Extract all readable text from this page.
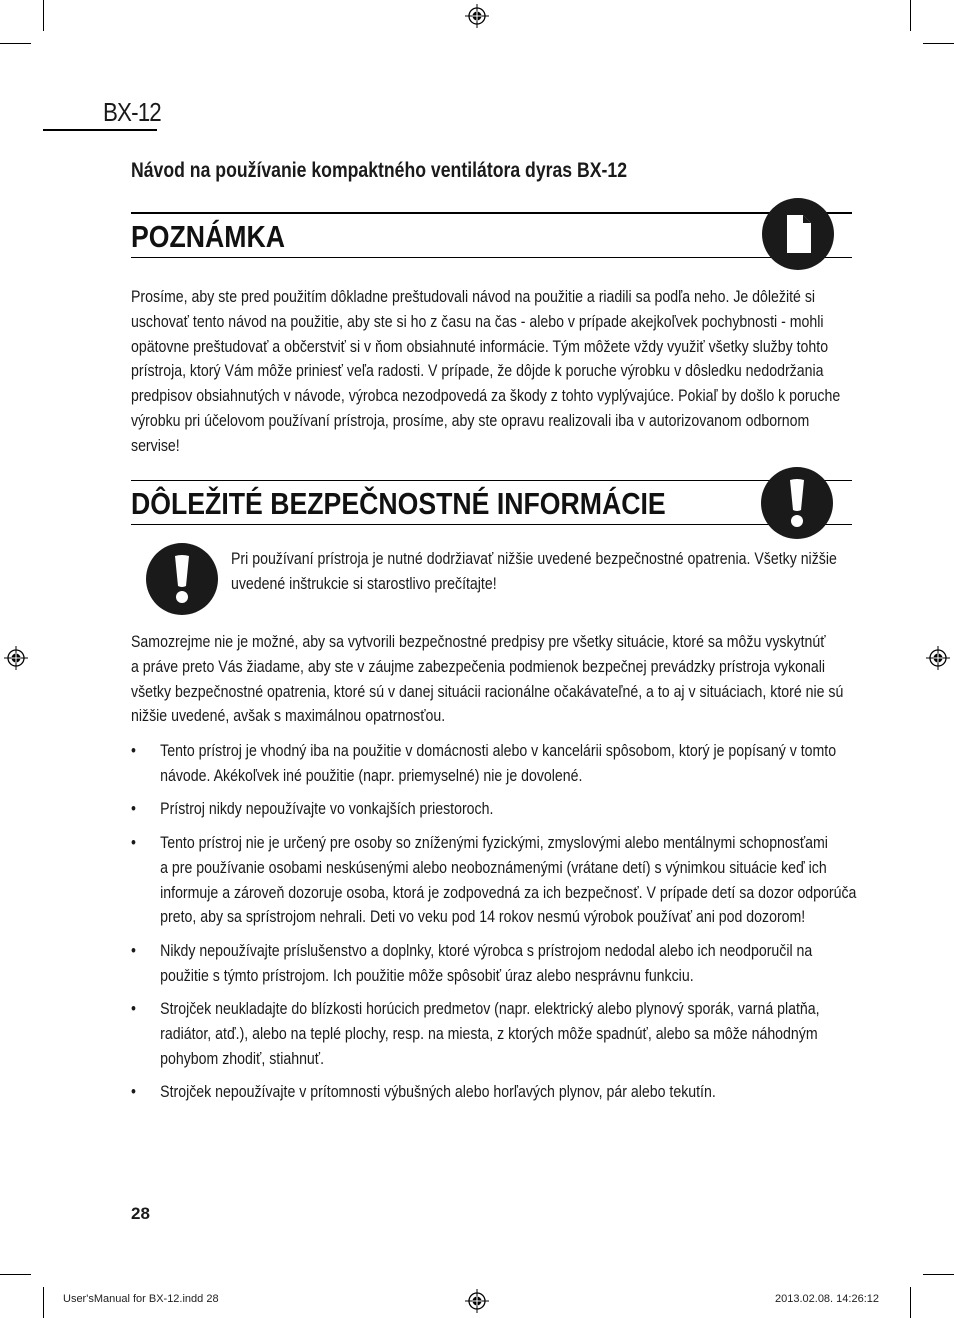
BX-12
Návod na používanie kompaktného ventilátora dyras BX-12
POZNÁMKA
Prosíme, aby ste pred použitím dôkladne preštudovali návod na použitie a riadili sa podľa neho. Je dôležité si
uschovať tento návod na použitie, aby ste si ho z času na čas - alebo v prípade akejkoľvek pochybnosti - mohli
opätovne preštudovať a občerstviť si v ňom obsiahnuté informácie. Tým môžete vždy využiť všetky služby tohto
prístroja, ktorý Vám môže priniesť veľa radosti. V prípade, že dôjde k poruche výrobku v dôsledku nedodržania
predpisov obsiahnutých v návode, výrobca nezodpovedá za škody z tohto vyplývajúce. Pokiaľ by došlo k poruche
výrobku pri účelovom používaní prístroja, prosíme, aby ste opravu realizovali iba v autorizovanom odbornom
servise!
DÔLEŽITÉ BEZPEČNOSTNÉ INFORMÁCIE
Pri používaní prístroja je nutné dodržiavať nižšie uvedené bezpečnostné opatrenia. Všetky nižšie
uvedené inštrukcie si starostlivo prečítajte!
Samozrejme nie je možné, aby sa vytvorili bezpečnostné predpisy pre všetky situácie, ktoré sa môžu vyskytnúť
a práve preto Vás žiadame, aby ste v záujme zabezpečenia podmienok bezpečnej prevádzky prístroja vykonali
všetky bezpečnostné opatrenia, ktoré sú v danej situácii racionálne očakávateľné, a to aj v situáciach, ktoré nie sú
nižšie uvedené, avšak s maximálnou opatrnosťou.
• Tento prístroj je vhodný iba na použitie v domácnosti alebo v kancelárii spôsobom, ktorý je popísaný v tomto
návode. Akékoľvek iné použitie (napr. priemyselné) nie je dovolené.
• Prístroj nikdy nepoužívajte vo vonkajších priestoroch.
• Tento prístroj nie je určený pre osoby so zníženými fyzickými, zmyslovými alebo mentálnymi schopnosťami
a pre používanie osobami neskúsenými alebo neoboznámenými (vrátane detí) s výnimkou situácie keď ich
informuje a zároveň dozoruje osoba, ktorá je zodpovedná za ich bezpečnosť. V prípade detí sa dozor odporúča
preto, aby sa sprístrojom nehrali. Deti vo veku pod 14 rokov nesmú výrobok používať ani pod dozorom!
• Nikdy nepoužívajte príslušenstvo a doplnky, ktoré výrobca s prístrojom nedodal alebo ich neodporučil na
použitie s týmto prístrojom. Ich použitie môže spôsobiť úraz alebo nesprávnu funkciu.
• Strojček neukladajte do blízkosti horúcich predmetov (napr. elektrický alebo plynový sporák, varná platňa,
radiátor, atď.), alebo na teplé plochy, resp. na miesta, z ktorých môže spadnúť, alebo sa môže náhodným
pohybom zhodiť, stiahnuť.
• Strojček nepoužívajte v prítomnosti výbušných alebo horľavých plynov, pár alebo tekutín.
28
User'sManual for BX-12.indd 28	2013.02.08. 14:26:12
